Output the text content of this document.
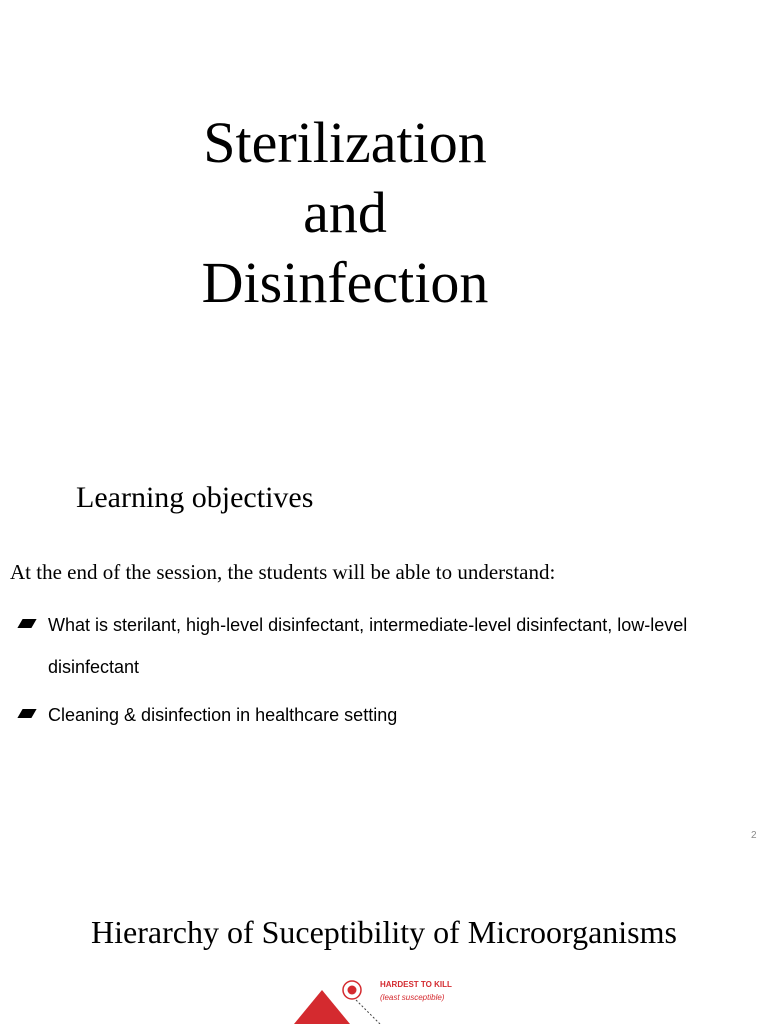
Sterilization
and
Disinfection
Learning objectives
At the end of the session, the students will be able to understand:
What is sterilant, high-level disinfectant, intermediate-level disinfectant, low-level disinfectant
Cleaning & disinfection in healthcare setting
2
Hierarchy of Suceptibility of Microorganisms
HARDEST TO KILL
(least susceptible)
